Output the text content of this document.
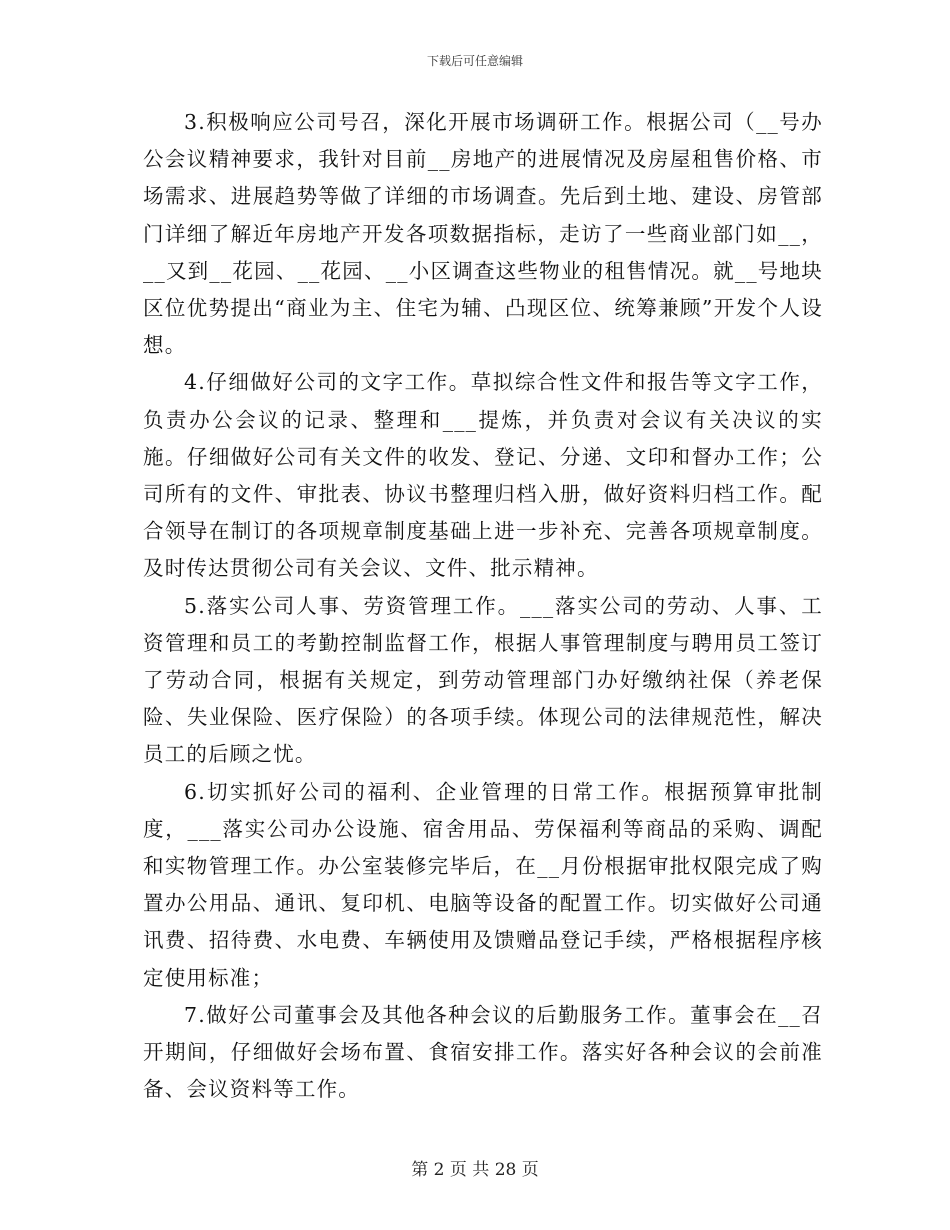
下载后可任意编辑

3.积极响应公司号召，深化开展市场调研工作。根据公司（__号办公会议精神要求，我针对目前__房地产的进展情况及房屋租售价格、市场需求、进展趋势等做了详细的市场调查。先后到土地、建设、房管部门详细了解近年房地产开发各项数据指标，走访了一些商业部门如__，__又到__花园、__花园、__小区调查这些物业的租售情况。就__号地块区位优势提出“商业为主、住宅为辅、凸现区位、统筹兼顾”开发个人设想。

4.仔细做好公司的文字工作。草拟综合性文件和报告等文字工作，负责办公会议的记录、整理和___提炼，并负责对会议有关决议的实施。仔细做好公司有关文件的收发、登记、分递、文印和督办工作；公司所有的文件、审批表、协议书整理归档入册，做好资料归档工作。配合领导在制订的各项规章制度基础上进一步补充、完善各项规章制度。及时传达贯彻公司有关会议、文件、批示精神。

5.落实公司人事、劳资管理工作。___落实公司的劳动、人事、工资管理和员工的考勤控制监督工作，根据人事管理制度与聘用员工签订了劳动合同，根据有关规定，到劳动管理部门办好缴纳社保（养老保险、失业保险、医疗保险）的各项手续。体现公司的法律规范性，解决员工的后顾之忧。

6.切实抓好公司的福利、企业管理的日常工作。根据预算审批制度，___落实公司办公设施、宿舍用品、劳保福利等商品的采购、调配和实物管理工作。办公室装修完毕后，在__月份根据审批权限完成了购置办公用品、通讯、复印机、电脑等设备的配置工作。切实做好公司通讯费、招待费、水电费、车辆使用及馈赠品登记手续，严格根据程序核定使用标准；

7.做好公司董事会及其他各种会议的后勤服务工作。董事会在__召开期间，仔细做好会场布置、食宿安排工作。落实好各种会议的会前准备、会议资料等工作。

第 2 页 共 28 页
